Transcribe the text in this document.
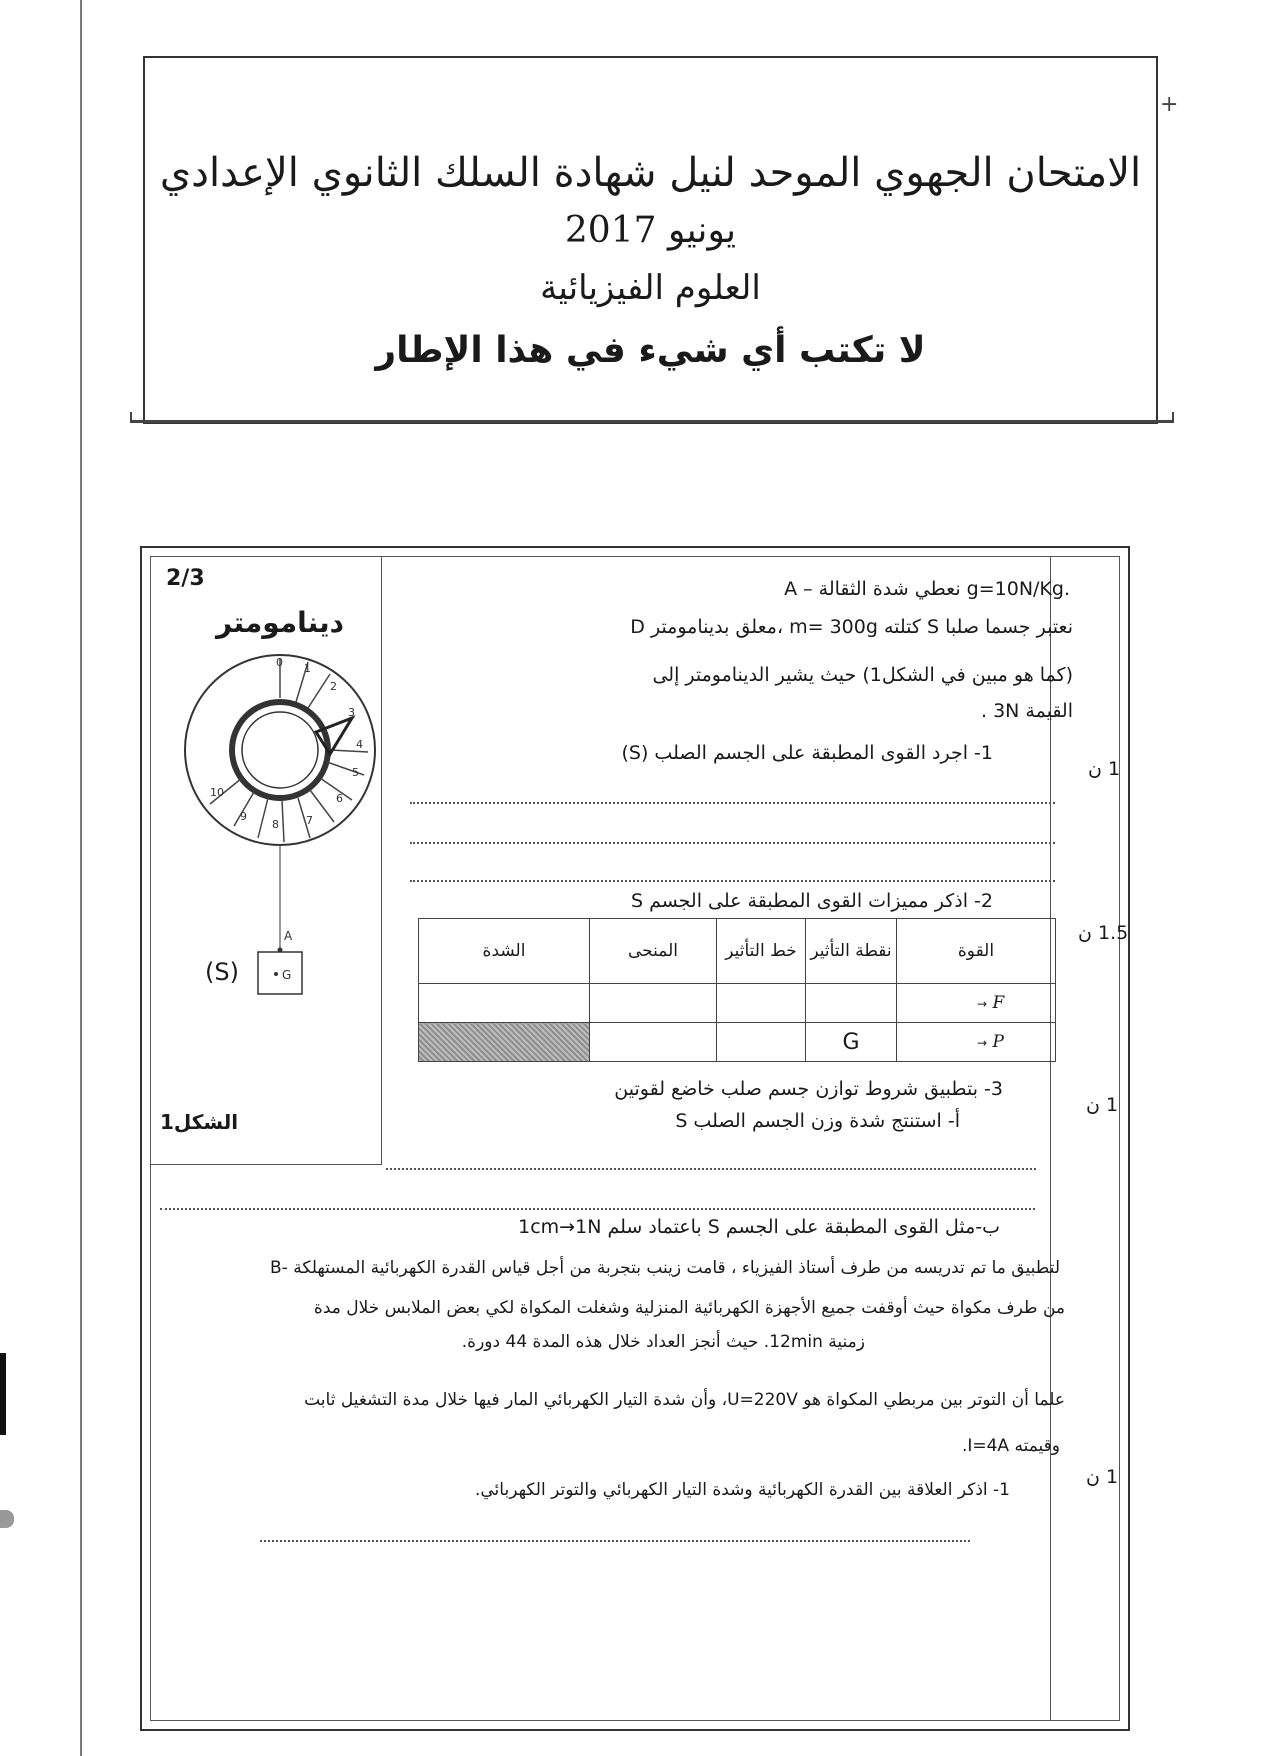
+
الامتحان الجهوي الموحد لنيل شهادة السلك الثانوي الإعدادي
يونيو 2017
العلوم الفيزيائية
لا تكتب أي شيء في هذا الإطار
2/3
دينامومتر
0 1
2
3
4
5
6
7
8
9
10
A
G
(S)
الشكل1
A – نعطي شدة الثقالة g=10N/Kg.
نعتبر جسما صلبا S كتلته m= 300g ،معلق بدينامومتر D
(كما هو مبين في الشكل1) حيث يشير الدينامومتر إلى
القيمة 3N .
1- اجرد القوى المطبقة على الجسم الصلب (S)
1 ن
2- اذكر مميزات القوى المطبقة على الجسم S
1.5 ن
القوة	نقطة التأثير	خط التأثير	المنحى	الشدة
F →				
P →	G			
3- بتطبيق شروط توازن جسم صلب خاضع لقوتين
أ- استنتج شدة وزن الجسم الصلب S
1 ن
ب-مثل القوى المطبقة على الجسم S باعتماد سلم 1cm→1N
B- لتطبيق ما تم تدريسه من طرف أستاذ الفيزياء ، قامت زينب بتجربة من أجل قياس القدرة الكهربائية المستهلكة
من طرف مكواة حيث أوقفت جميع الأجهزة الكهربائية المنزلية وشغلت المكواة لكي بعض الملابس خلال مدة
زمنية 12min. حيث أنجز العداد خلال هذه المدة 44 دورة.
علما أن التوتر بين مربطي المكواة هو U=220V، وأن شدة التيار الكهربائي المار فيها خلال مدة التشغيل ثابت
وقيمته I=4A.
1- اذكر العلاقة بين القدرة الكهربائية وشدة التيار الكهربائي والتوتر الكهربائي.
1 ن
